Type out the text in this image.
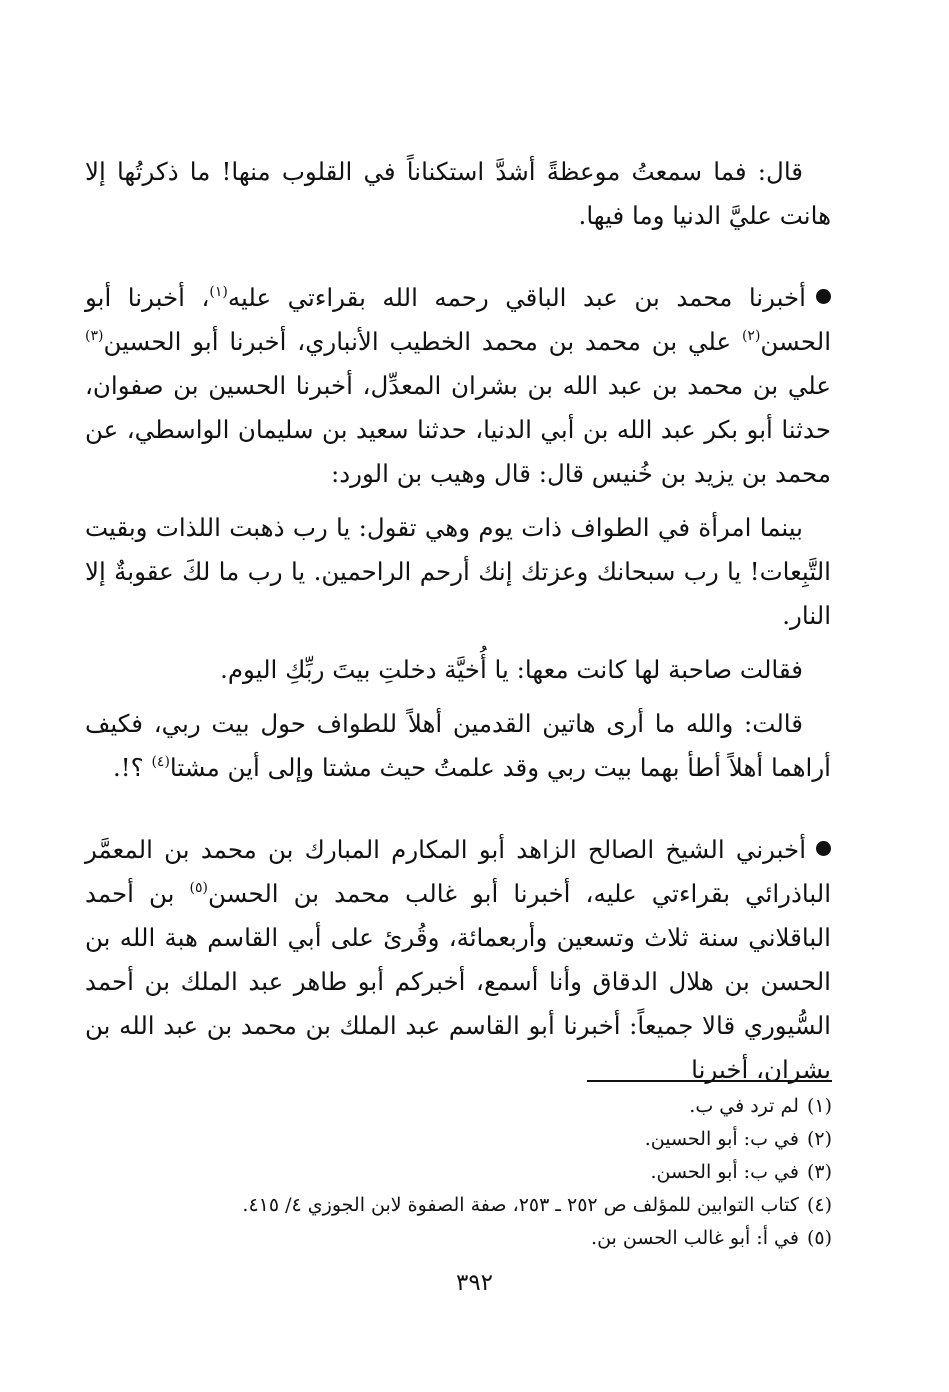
قال: فما سمعتُ موعظةً أشدَّ استكناناً في القلوب منها! ما ذكرتُها إلا هانت عليَّ الدنيا وما فيها.

أخبرنا محمد بن عبد الباقي رحمه الله بقراءتي عليه$^{(١)}$، أخبرنا أبو الحسن$^{(٢)}$ علي بن محمد بن محمد الخطيب الأنباري، أخبرنا أبو الحسين$^{(٣)}$ علي بن محمد بن عبد الله بن بشران المعدِّل، أخبرنا الحسين بن صفوان، حدثنا أبو بكر عبد الله بن أبي الدنيا، حدثنا سعيد بن سليمان الواسطي، عن محمد بن يزيد بن خُنيس قال: قال وهيب بن الورد:

بينما امرأة في الطواف ذات يوم وهي تقول: يا رب ذهبت اللذات وبقيت التَّبِعات! يا رب سبحانك وعزتك إنك أرحم الراحمين. يا رب ما لكَ عقوبةٌ إلا النار.

فقالت صاحبة لها كانت معها: يا أُخيَّة دخلتِ بيتَ ربِّكِ اليوم.

قالت: والله ما أرى هاتين القدمين أهلاً للطواف حول بيت ربي، فكيف أراهما أهلاً أطأ بهما بيت ربي وقد علمتُ حيث مشتا وإلى أين مشتا$^{(٤)}$ ؟!.

أخبرني الشيخ الصالح الزاهد أبو المكارم المبارك بن محمد بن المعمَّر الباذرائي بقراءتي عليه، أخبرنا أبو غالب محمد بن الحسن$^{(٥)}$ بن أحمد الباقلاني سنة ثلاث وتسعين وأربعمائة، وقُرئ على أبي القاسم هبة الله بن الحسن بن هلال الدقاق وأنا أسمع، أخبركم أبو طاهر عبد الملك بن أحمد السُّيوري قالا جميعاً: أخبرنا أبو القاسم عبد الملك بن محمد بن عبد الله بن بشران، أخبرنا

(١)لم ترد في ب.
(٢)في ب: أبو الحسين.
(٣)في ب: أبو الحسن.
(٤)كتاب التوابين للمؤلف ص ٢٥٢ ـ ٢٥٣، صفة الصفوة لابن الجوزي ٤/ ٤١٥.
(٥)في أ: أبو غالب الحسن بن.
٣٩٢
